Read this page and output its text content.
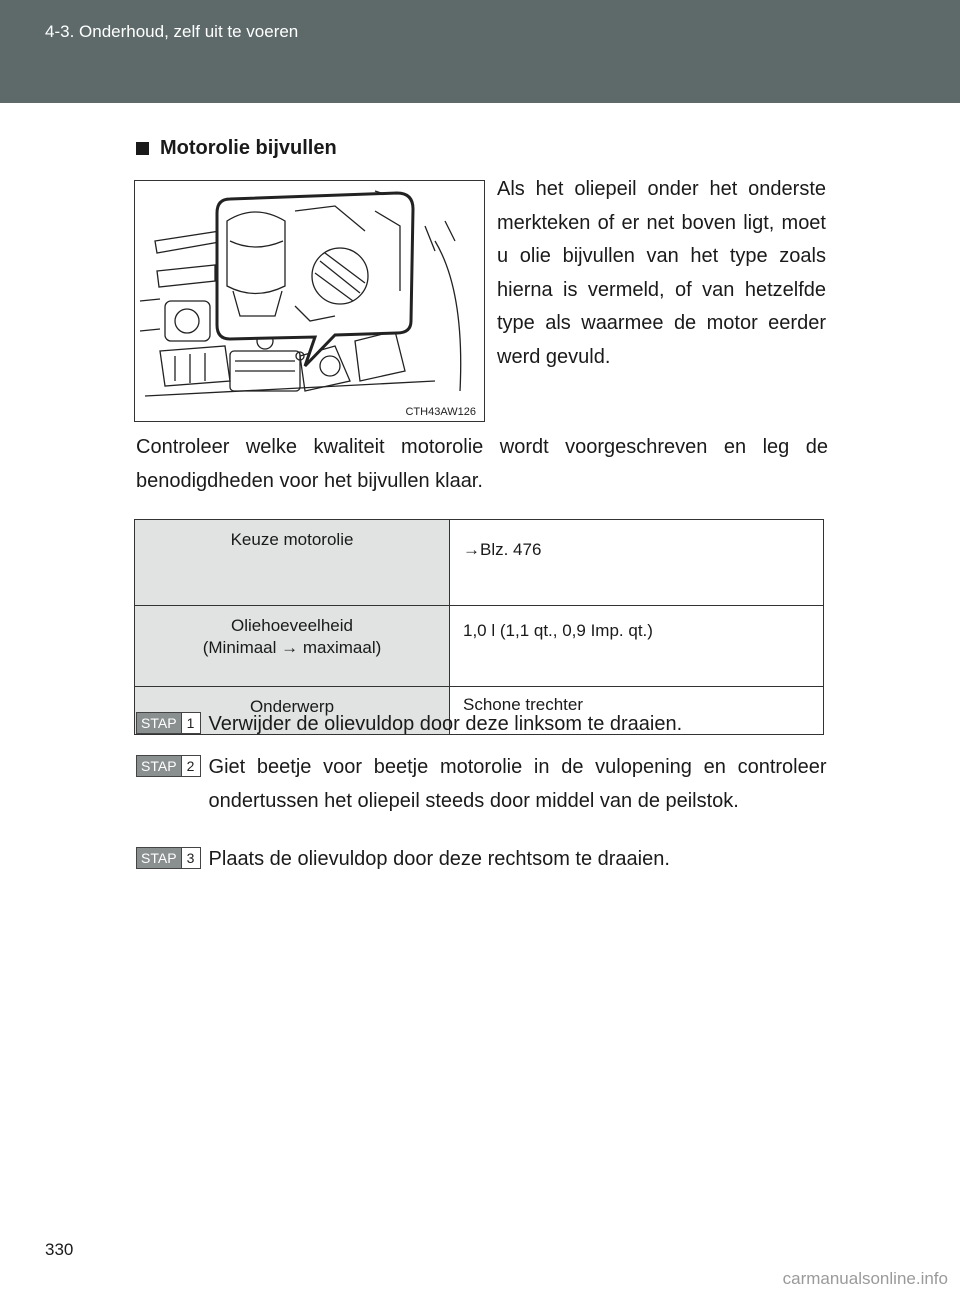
4-3. Onderhoud, zelf uit te voeren
Motorolie bijvullen
CTH43AW126
Als het oliepeil onder het onderste merkteken of er net boven ligt, moet u olie bijvullen van het type zoals hierna is vermeld, of van hetzelfde type als waarmee de motor eerder werd gevuld.
Controleer welke kwaliteit motorolie wordt voorgeschreven en leg de benodigdheden voor het bijvullen klaar.
Keuze motorolie	→Blz. 476

Oliehoeveelheid
(Minimaal → maximaal)	1,0 l (1,1 qt., 0,9 Imp. qt.)

Onderwerp	Schone trechter
STAP 1 Verwijder de olievuldop door deze linksom te draaien.
STAP 2 Giet beetje voor beetje motorolie in de vulopening en controleer ondertussen het oliepeil steeds door middel van de peilstok.
STAP 3 Plaats de olievuldop door deze rechtsom te draaien.
330
carmanualsonline.info
